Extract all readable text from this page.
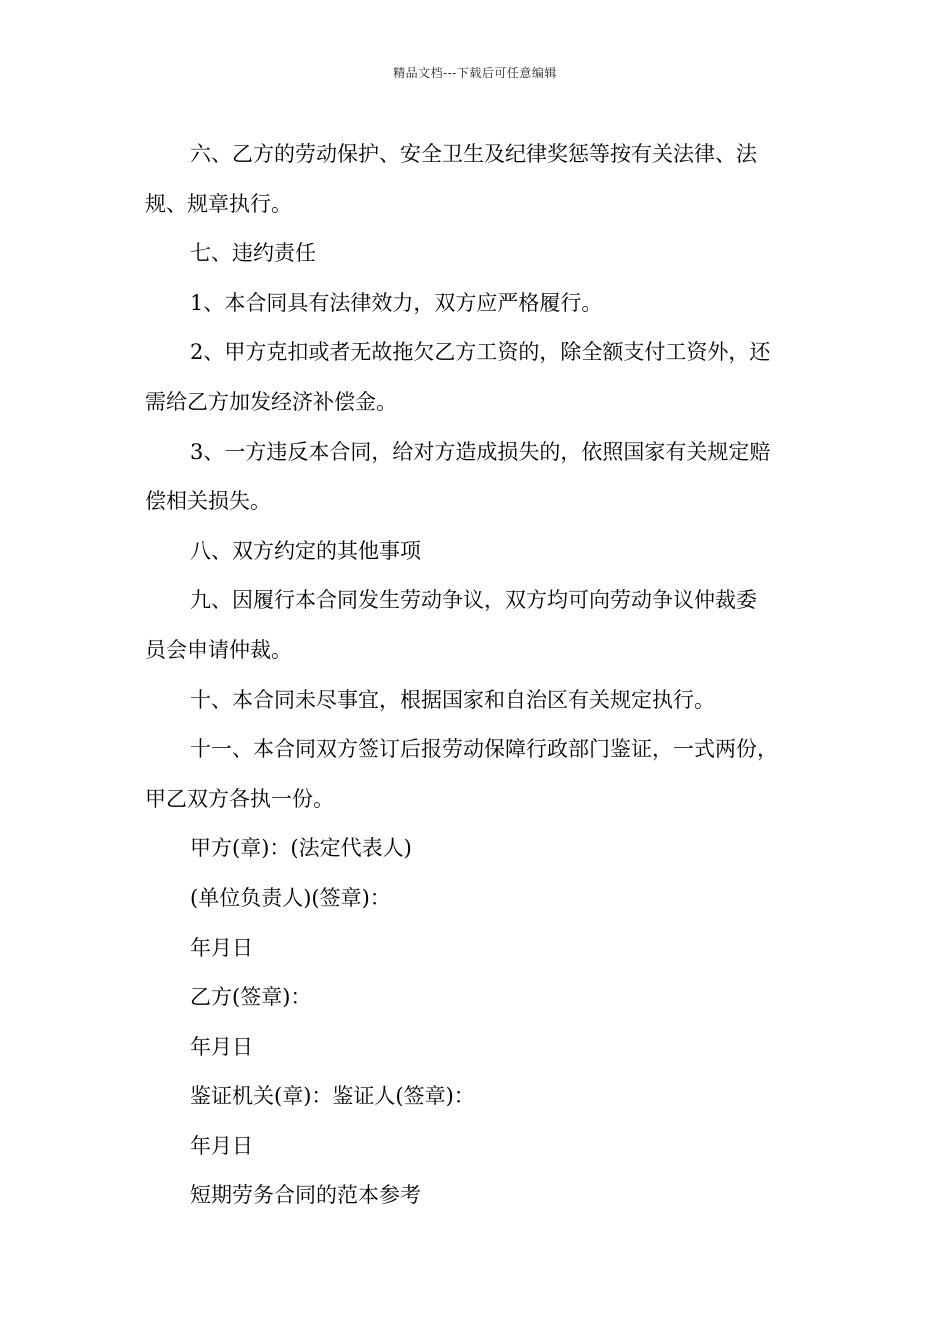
精品文档---下载后可任意编辑

六、乙方的劳动保护、安全卫生及纪律奖惩等按有关法律、法
规、规章执行。

七、违约责任

1、本合同具有法律效力，双方应严格履行。

2、甲方克扣或者无故拖欠乙方工资的，除全额支付工资外，还
需给乙方加发经济补偿金。

3、一方违反本合同，给对方造成损失的，依照国家有关规定赔
偿相关损失。

八、双方约定的其他事项

九、因履行本合同发生劳动争议，双方均可向劳动争议仲裁委
员会申请仲裁。

十、本合同未尽事宜，根据国家和自治区有关规定执行。

十一、本合同双方签订后报劳动保障行政部门鉴证，一式两份，
甲乙双方各执一份。

甲方(章)：(法定代表人)

(单位负责人)(签章)：

年月日

乙方(签章)：

年月日

鉴证机关(章)：鉴证人(签章)：

年月日

短期劳务合同的范本参考
